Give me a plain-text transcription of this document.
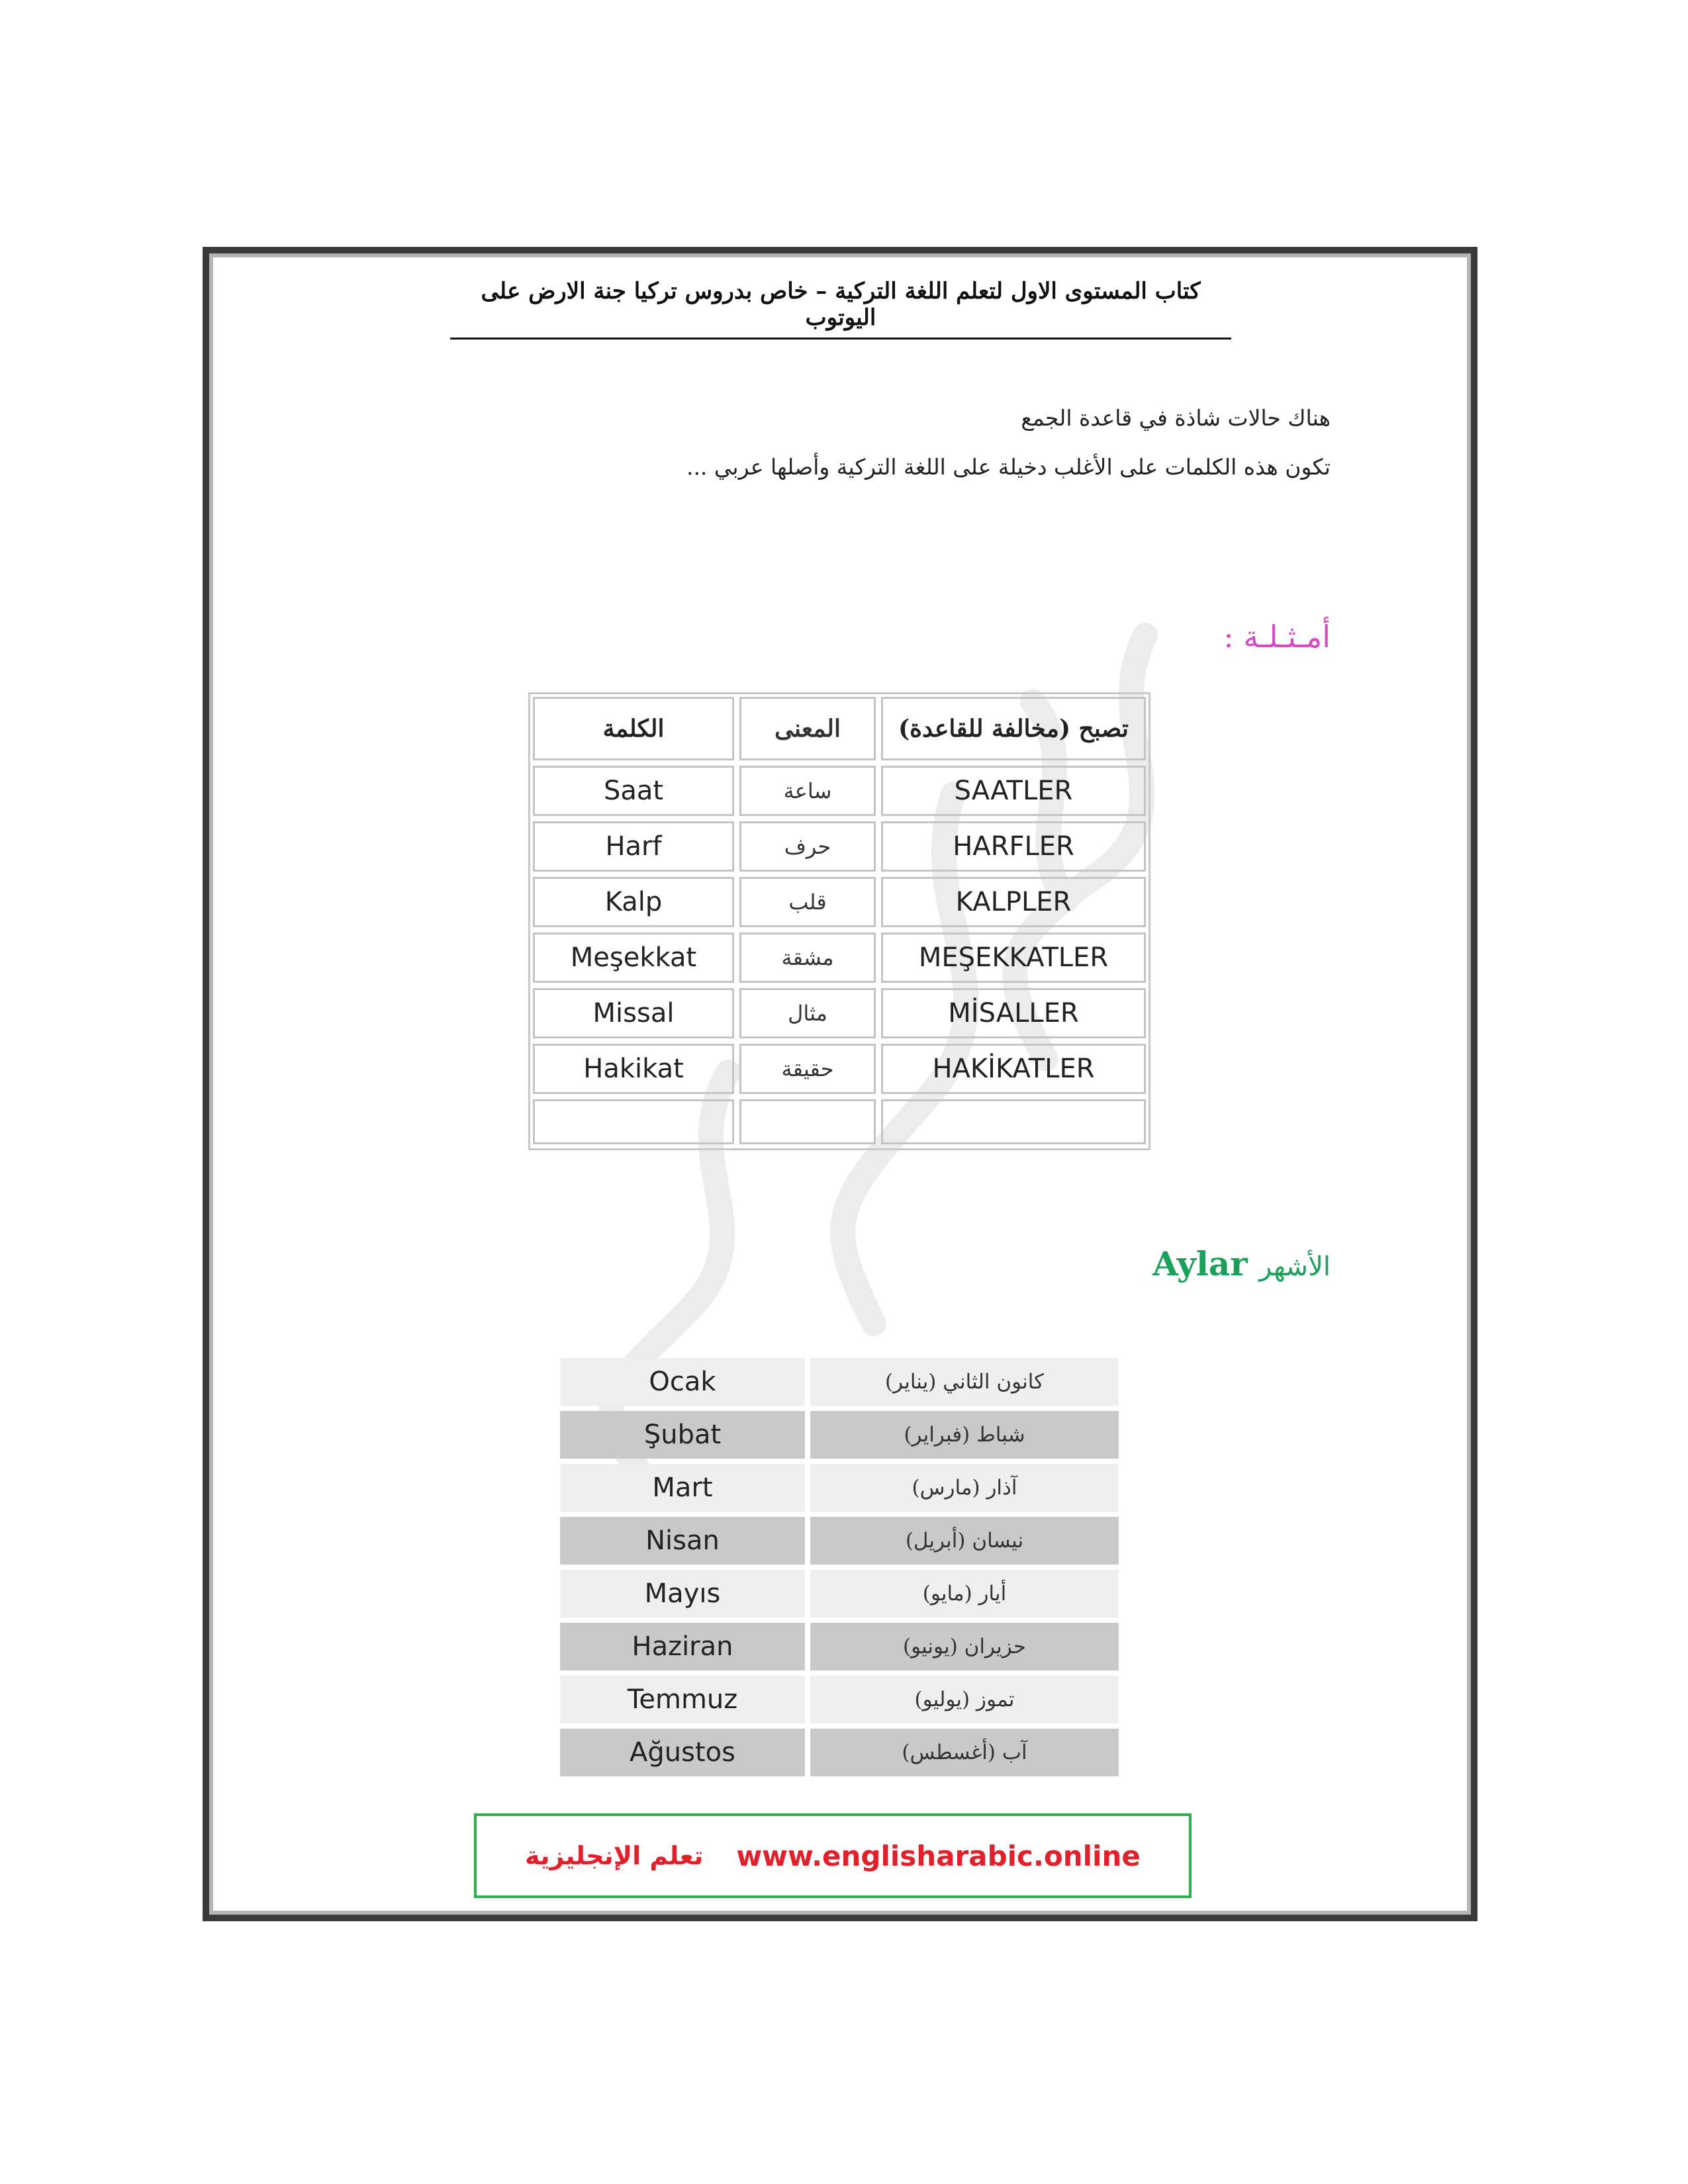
كتاب المستوى الاول لتعلم اللغة التركية – خاص بدروس تركيا جنة الارض على اليوتوب
هناك حالات شاذة في قاعدة الجمع
تكون هذه الكلمات على الأغلب دخيلة على اللغة التركية وأصلها عربي ...
أمـثـلـة :
الكلمة	المعنى	تصبح (مخالفة للقاعدة)
Saat	ساعة	SAATLER
Harf	حرف	HARFLER
Kalp	قلب	KALPLER
Meşekkat	مشقة	MEŞEKKATLER
Missal	مثال	MİSALLER
Hakikat	حقيقة	HAKİKATLER
الأشهر Aylar
Ocak	كانون الثاني (يناير)
Şubat	شباط (فبراير)
Mart	آذار (مارس)
Nisan	نيسان (أبريل)
Mayıs	أيار (مايو)
Haziran	حزيران (يونيو)
Temmuz	تموز (يوليو)
Ağustos	آب (أغسطس)
تعلم الإنجليزية www.englisharabic.online
